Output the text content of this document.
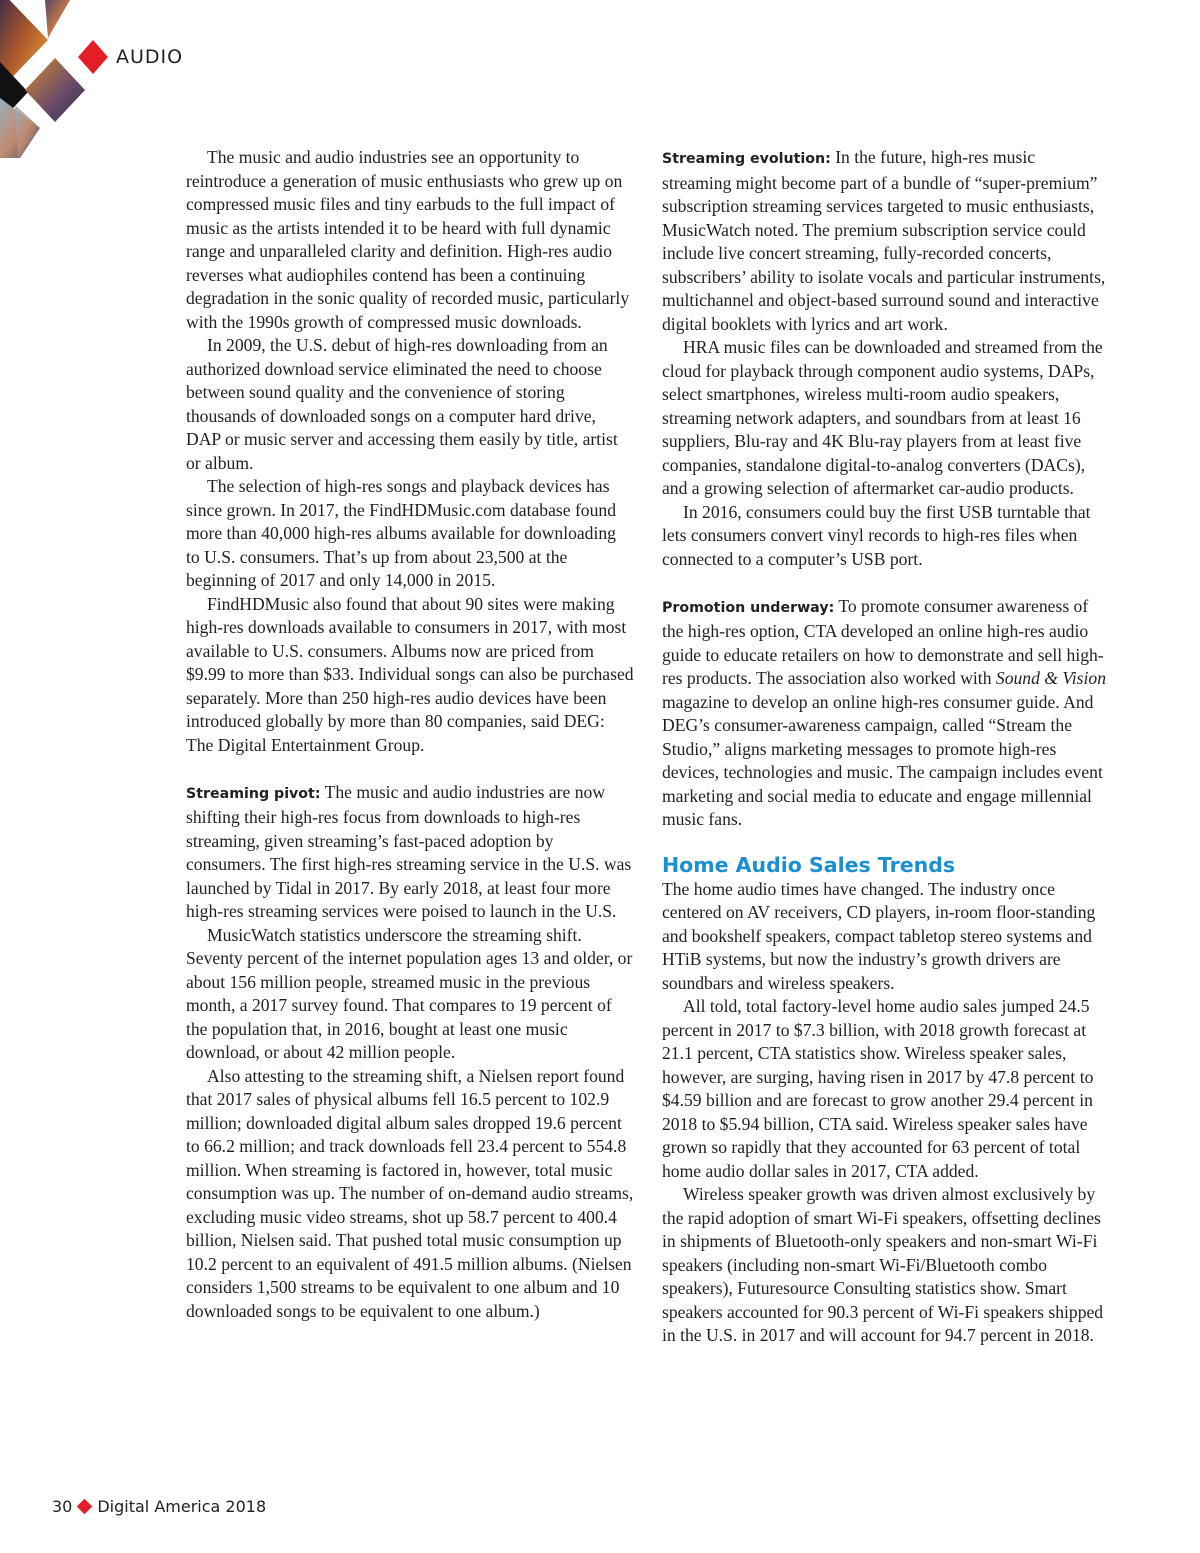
AUDIO

The music and audio industries see an opportunity to reintroduce a generation of music enthusiasts who grew up on compressed music files and tiny earbuds to the full impact of music as the artists intended it to be heard with full dynamic range and unparalleled clarity and definition. High-res audio reverses what audiophiles contend has been a continuing degradation in the sonic quality of recorded music, particularly with the 1990s growth of compressed music downloads.

In 2009, the U.S. debut of high-res downloading from an authorized download service eliminated the need to choose between sound quality and the convenience of storing thousands of downloaded songs on a computer hard drive, DAP or music server and accessing them easily by title, artist or album.

The selection of high-res songs and playback devices has since grown. In 2017, the FindHDMusic.com database found more than 40,000 high-res albums available for downloading to U.S. consumers. That’s up from about 23,500 at the beginning of 2017 and only 14,000 in 2015.

FindHDMusic also found that about 90 sites were making high-res downloads available to consumers in 2017, with most available to U.S. consumers. Albums now are priced from $9.99 to more than $33. Individual songs can also be purchased separately. More than 250 high-res audio devices have been introduced globally by more than 80 companies, said DEG: The Digital Entertainment Group.

Streaming pivot: The music and audio industries are now shifting their high-res focus from downloads to high-res streaming, given streaming’s fast-paced adoption by consumers. The first high-res streaming service in the U.S. was launched by Tidal in 2017. By early 2018, at least four more high-res streaming services were poised to launch in the U.S.

MusicWatch statistics underscore the streaming shift. Seventy percent of the internet population ages 13 and older, or about 156 million people, streamed music in the previous month, a 2017 survey found. That compares to 19 percent of the population that, in 2016, bought at least one music download, or about 42 million people.

Also attesting to the streaming shift, a Nielsen report found that 2017 sales of physical albums fell 16.5 percent to 102.9 million; downloaded digital album sales dropped 19.6 percent to 66.2 million; and track downloads fell 23.4 percent to 554.8 million. When streaming is factored in, however, total music consumption was up. The number of on-demand audio streams, excluding music video streams, shot up 58.7 percent to 400.4 billion, Nielsen said. That pushed total music consumption up 10.2 percent to an equivalent of 491.5 million albums. (Nielsen considers 1,500 streams to be equivalent to one album and 10 downloaded songs to be equivalent to one album.)

Streaming evolution: In the future, high-res music streaming might become part of a bundle of “super-premium” subscription streaming services targeted to music enthusiasts, MusicWatch noted. The premium subscription service could include live concert streaming, fully-recorded concerts, subscribers’ ability to isolate vocals and particular instruments, multichannel and object-based surround sound and interactive digital booklets with lyrics and art work.

HRA music files can be downloaded and streamed from the cloud for playback through component audio systems, DAPs, select smartphones, wireless multi-room audio speakers, streaming network adapters, and soundbars from at least 16 suppliers, Blu-ray and 4K Blu-ray players from at least five companies, standalone digital-to-analog converters (DACs), and a growing selection of aftermarket car-audio products.

In 2016, consumers could buy the first USB turntable that lets consumers convert vinyl records to high-res files when connected to a computer’s USB port.

Promotion underway: To promote consumer awareness of the high-res option, CTA developed an online high-res audio guide to educate retailers on how to demonstrate and sell high-res products. The association also worked with Sound & Vision magazine to develop an online high-res consumer guide. And DEG’s consumer-awareness campaign, called “Stream the Studio,” aligns marketing messages to promote high-res devices, technologies and music. The campaign includes event marketing and social media to educate and engage millennial music fans.

Home Audio Sales Trends

The home audio times have changed. The industry once centered on AV receivers, CD players, in-room floor-standing and bookshelf speakers, compact tabletop stereo systems and HTiB systems, but now the industry’s growth drivers are soundbars and wireless speakers.

All told, total factory-level home audio sales jumped 24.5 percent in 2017 to $7.3 billion, with 2018 growth forecast at 21.1 percent, CTA statistics show. Wireless speaker sales, however, are surging, having risen in 2017 by 47.8 percent to $4.59 billion and are forecast to grow another 29.4 percent in 2018 to $5.94 billion, CTA said. Wireless speaker sales have grown so rapidly that they accounted for 63 percent of total home audio dollar sales in 2017, CTA added.

Wireless speaker growth was driven almost exclusively by the rapid adoption of smart Wi-Fi speakers, offsetting declines in shipments of Bluetooth-only speakers and non-smart Wi-Fi speakers (including non-smart Wi-Fi/Bluetooth combo speakers), Futuresource Consulting statistics show. Smart speakers accounted for 90.3 percent of Wi-Fi speakers shipped in the U.S. in 2017 and will account for 94.7 percent in 2018.

30 Digital America 2018
